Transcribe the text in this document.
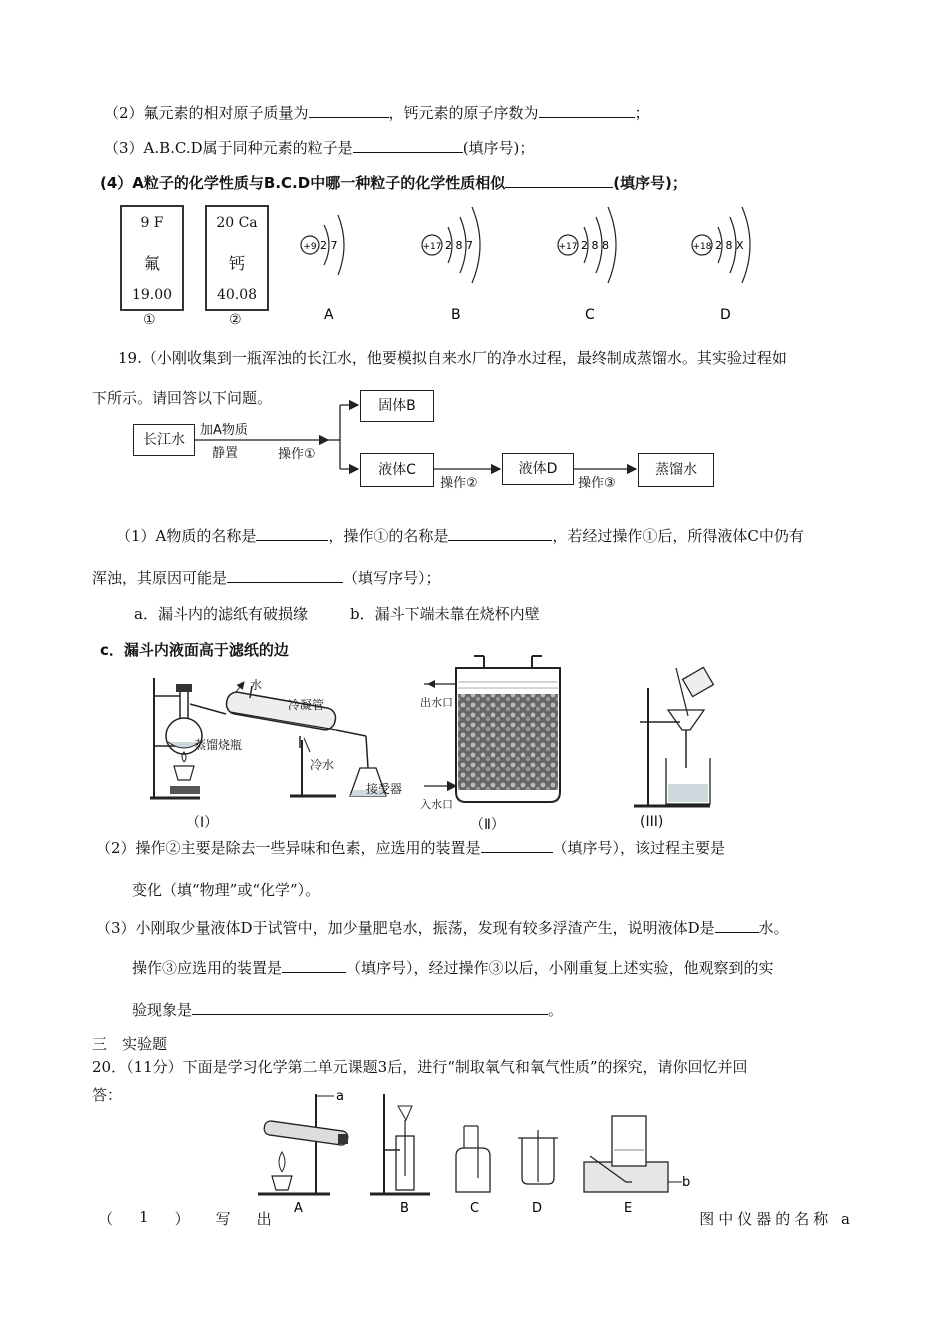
（2）氟元素的相对原子质量为	，钙元素的原子序数为	；
（3）A.B.C.D属于同种元素的粒子是	(填序号)；
(4）A粒子的化学性质与B.C.D中哪一种粒子的化学性质相似	(填序号)；
9 F
氟
19.00
①
20 Ca
钙
40.08
②
+9 2 7
A
+17 2 8 7
B
+17 2 8 8
C
+18 2 8 X
D
19.（小刚收集到一瓶浑浊的长江水，他要模拟自来水厂的净水过程，最终制成蒸馏水。其实验过程如
下所示。请回答以下问题。
长江水
加A物质
静置	操作①
固体B
液体C
操作②
液体D
操作③
蒸馏水
（1）A物质的名称是	，操作①的名称是	，若经过操作①后，所得液体C中仍有
浑浊，其原因可能是	（填写序号）；
a．漏斗内的滤纸有破损缘	b．漏斗下端未靠在烧杯内壁
c．漏斗内液面高于滤纸的边
水
冷凝管
蒸馏烧瓶
冷水
接受器
（Ⅰ）
出水口
入水口
（Ⅱ）	(III)
（2）操作②主要是除去一些异味和色素，应选用的装置是	（填序号），该过程主要是
变化（填“物理”或“化学”）。
（3）小刚取少量液体D于试管中，加少量肥皂水，振荡，发现有较多浮渣产生，说明液体D是	水。
操作③应选用的装置是	（填序号），经过操作③以后，小刚重复上述实验，他观察到的实
验现象是	。
三　实验题
20．（11分）下面是学习化学第二单元课题3后，进行“制取氧气和氧气性质”的探究，请你回忆并回
答：
A
a
B	C	D	E
b
（ 1 ） 写 出	图中仪器的名称 a
